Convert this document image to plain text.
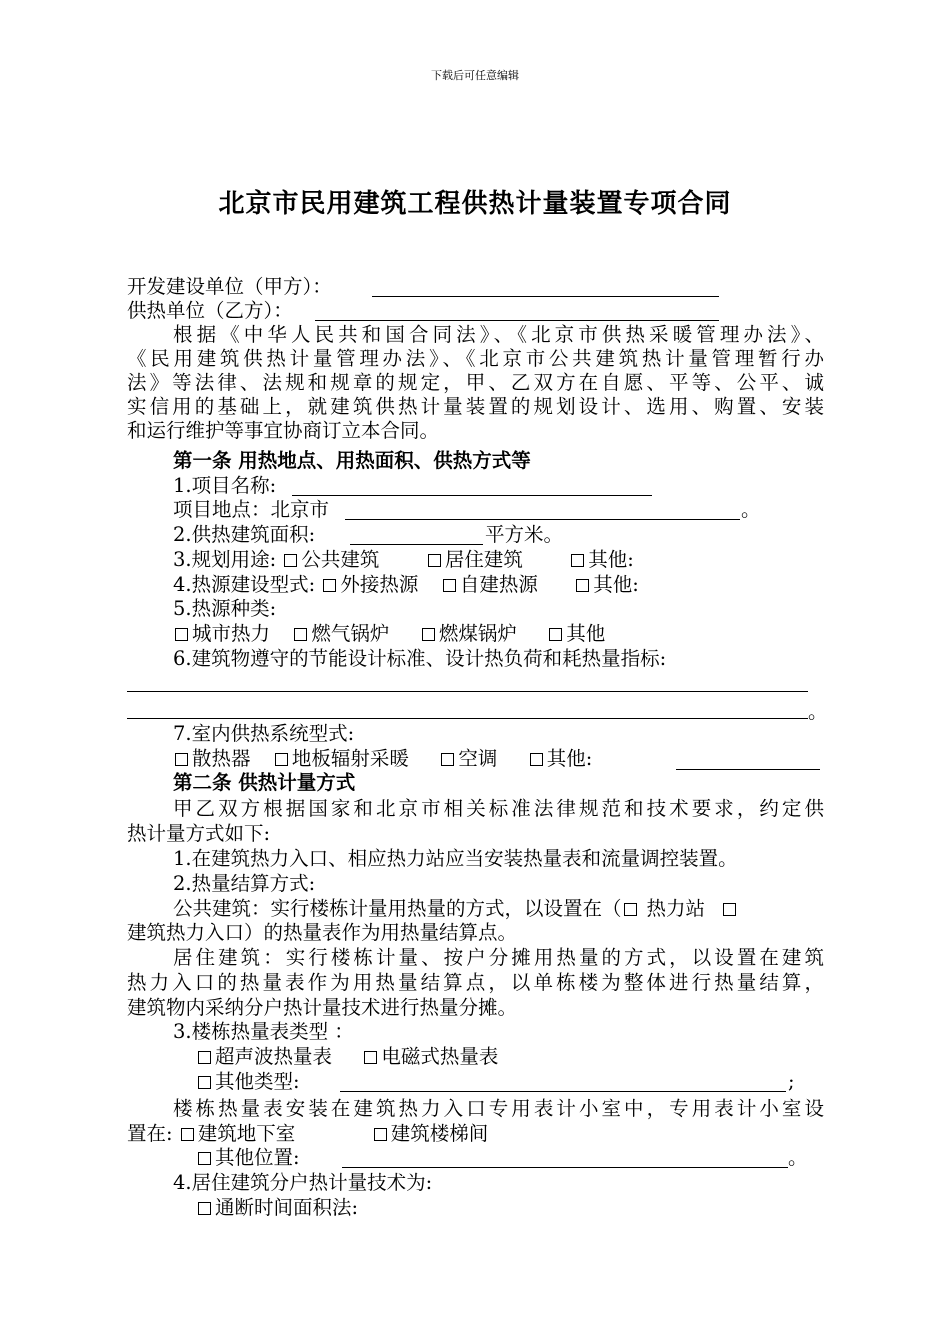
下载后可任意编辑
北京市民用建筑工程供热计量装置专项合同
开发建设单位（甲方）：
供热单位（乙方）：
根据《中华人民共和国合同法》、《北京市供热采暖管理办法》、
《民用建筑供热计量管理办法》、《北京市公共建筑热计量管理暂行办
法》等法律、法规和规章的规定，甲、乙双方在自愿、平等、公平、诚
实信用的基础上，就建筑供热计量装置的规划设计、选用、购置、安装
和运行维护等事宜协商订立本合同。
第一条 用热地点、用热面积、供热方式等
1.项目名称:
项目地点：北京市	。
2.供热建筑面积:	平方米。
3.规划用途: 公共建筑	居住建筑	其他:
4.热源建设型式: 外接热源 自建热源	其他:
5.热源种类:
城市热力 燃气锅炉	燃煤锅炉	其他
6.建筑物遵守的节能设计标准、设计热负荷和耗热量指标:
。
7.室内供热系统型式:
散热器 地板辐射采暖	空调	其他:
第二条 供热计量方式
甲乙双方根据国家和北京市相关标准法律规范和技术要求，约定供
热计量方式如下:
1.在建筑热力入口、相应热力站应当安装热量表和流量调控装置。
2.热量结算方式:
公共建筑：实行楼栋计量用热量的方式，以设置在（ 热力站
建筑热力入口）的热量表作为用热量结算点。
居住建筑：实行楼栋计量、按户分摊用热量的方式，以设置在建筑
热力入口的热量表作为用热量结算点，以单栋楼为整体进行热量结算，
建筑物内采纳分户热计量技术进行热量分摊。
3.楼栋热量表类型 ：
超声波热量表	电磁式热量表
其他类型:	;
楼栋热量表安装在建筑热力入口专用表计小室中，专用表计小室设
置在: 建筑地下室	建筑楼梯间
其他位置:	。
4.居住建筑分户热计量技术为:
通断时间面积法:
